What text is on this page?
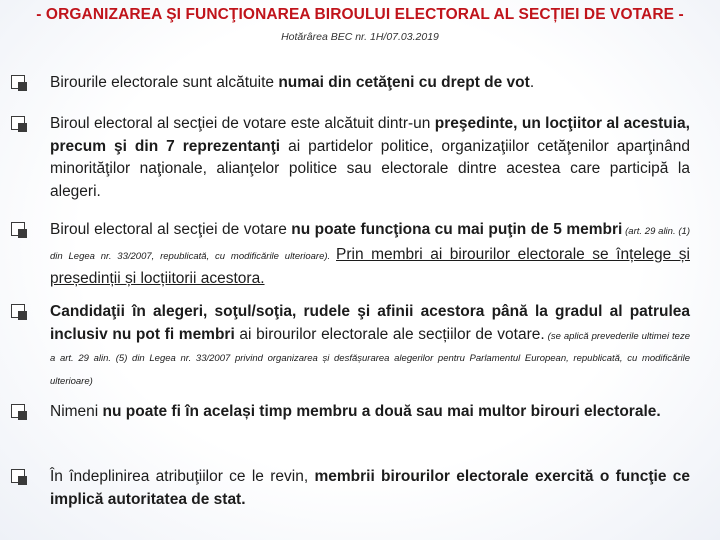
- ORGANIZAREA ŞI FUNCŢIONAREA BIROULUI ELECTORAL AL SECȚIEI DE VOTARE -
Hotărârea BEC nr. 1H/07.03.2019
Birourile electorale sunt alcătuite numai din cetăţeni cu drept de vot.
Biroul electoral al secţiei de votare este alcătuit dintr-un preşedinte, un locţiitor al acestuia, precum şi din 7 reprezentanţi ai partidelor politice, organizaţiilor cetăţenilor aparţinând minorităţilor naţionale, alianţelor politice sau electorale dintre acestea care participă la alegeri.
Biroul electoral al secţiei de votare nu poate funcţiona cu mai puţin de 5 membri (art. 29 alin. (1) din Legea nr. 33/2007, republicată, cu modificările ulterioare). Prin membri ai birourilor electorale se înțelege și președinții și locțiitorii acestora.
Candidaţii în alegeri, soţul/soţia, rudele şi afinii acestora până la gradul al patrulea inclusiv nu pot fi membri ai birourilor electorale ale secțiilor de votare. (se aplică prevederile ultimei teze a art. 29 alin. (5) din Legea nr. 33/2007 privind organizarea și desfășurarea alegerilor pentru Parlamentul European, republicată, cu modificările ulterioare)
Nimeni nu poate fi în același timp membru a două sau mai multor birouri electorale.
În îndeplinirea atribuţiilor ce le revin, membrii birourilor electorale exercită o funcţie ce implică autoritatea de stat.
